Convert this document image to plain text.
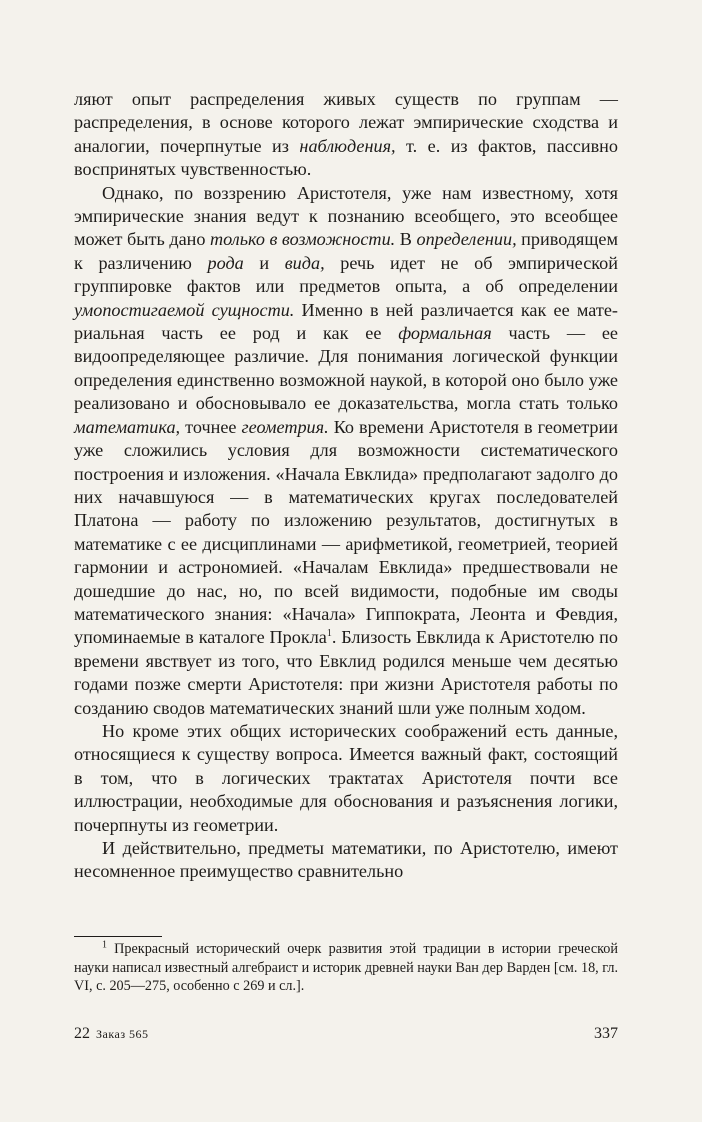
ляют опыт распределения живых существ по группам — распределения, в основе которого лежат эмпирические сходства и аналогии, почерпнутые из наблюдения, т. е. из фактов, пассивно воспринятых чувственностью.

Однако, по воззрению Аристотеля, уже нам известному, хотя эмпирические знания ведут к познанию всеобщего, это всеобщее может быть дано только в возможности. В определении, приводящем к различению рода и вида, речь идет не об эмпирической группировке фактов или предметов опыта, а об определении умопостигаемой сущности. Именно в ней различается как ее материальная часть ее род и как ее формальная часть — ее видоопределяющее различие. Для понимания логической функции определения единственно возможной наукой, в которой оно было уже реализовано и обосновывало ее доказательства, могла стать только математика, точнее геометрия. Ко времени Аристотеля в геометрии уже сложились условия для возможности систематического построения и изложения. «Начала Евклида» предполагают задолго до них начавшуюся — в математических кругах последователей Платона — работу по изложению результатов, достигнутых в математике с ее дисциплинами — арифметикой, геометрией, теорией гармонии и астрономией. «Началам Евклида» предшествовали не дошедшие до нас, но, по всей видимости, подобные им своды математического знания: «Начала» Гиппократа, Леонта и Февдия, упоминаемые в каталоге Прокла$^1$. Близость Евклида к Аристотелю по времени явствует из того, что Евклид родился меньше чем десятью годами позже смерти Аристотеля: при жизни Аристотеля работы по созданию сводов математических знаний шли уже полным ходом.

Но кроме этих общих исторических соображений есть данные, относящиеся к существу вопроса. Имеется важный факт, состоящий в том, что в логических трактатах Аристотеля почти все иллюстрации, необходимые для обоснования и разъяснения логики, почерпнуты из геометрии.

И действительно, предметы математики, по Аристотелю, имеют несомненное преимущество сравнительно

$^1$ Прекрасный исторический очерк развития этой традиции в истории греческой науки написал известный алгебраист и историк древней науки Ван дер Варден [см. 18, гл. VI, с. 205—275, особенно с 269 и сл.].

22 Заказ 565	337
